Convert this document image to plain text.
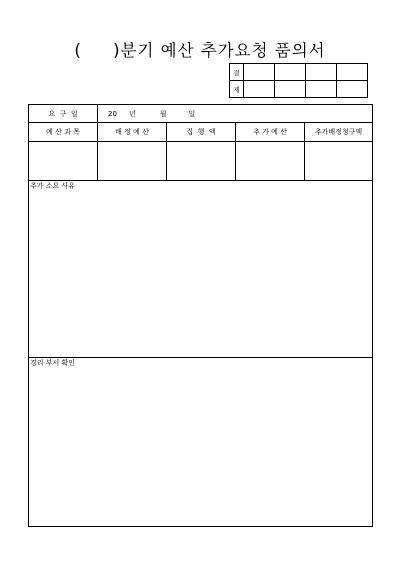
(     )분기 예산 추가요청 품의서
결				
재				
요  구  일	20 년	월	일
예 산 과 목	배 정 예 산	집  행  액	추 가 예 산	추가배정청구액
추가 소요 사유
경리 부서 확인
